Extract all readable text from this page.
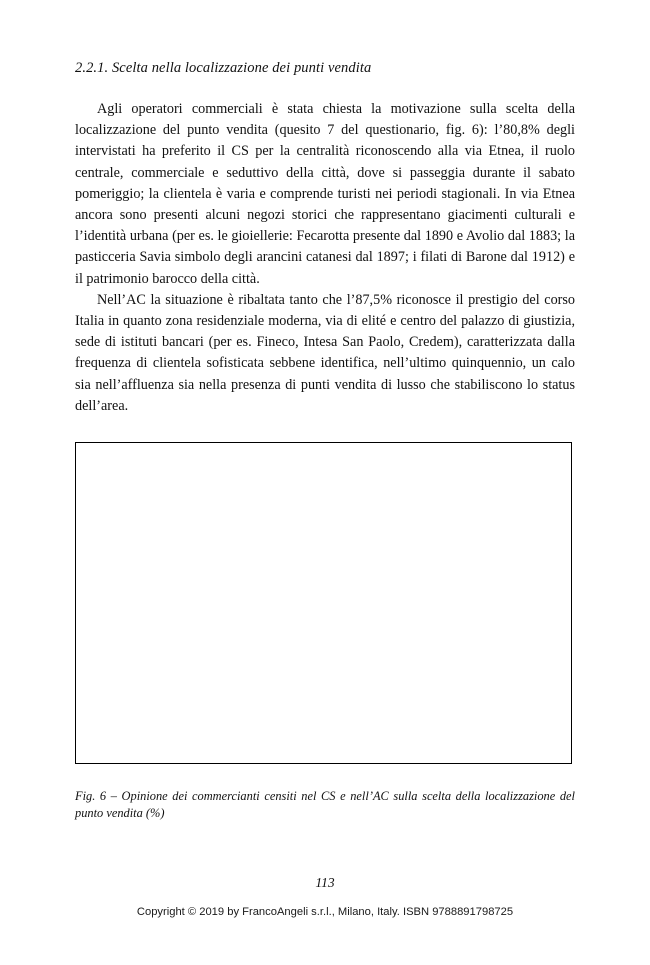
2.2.1. Scelta nella localizzazione dei punti vendita

Agli operatori commerciali è stata chiesta la motivazione sulla scelta della localizzazione del punto vendita (quesito 7 del questionario, fig. 6): l’80,8% degli intervistati ha preferito il CS per la centralità riconoscendo alla via Etnea, il ruolo centrale, commerciale e seduttivo della città, dove si passeggia durante il sabato pomeriggio; la clientela è varia e comprende turisti nei periodi stagionali. In via Etnea ancora sono presenti alcuni negozi storici che rappresentano giacimenti culturali e l’identità urbana (per es. le gioiellerie: Fecarotta presente dal 1890 e Avolio dal 1883; la pasticceria Savia simbolo degli arancini catanesi dal 1897; i filati di Barone dal 1912) e il patrimonio barocco della città.

Nell’AC la situazione è ribaltata tanto che l’87,5% riconosce il prestigio del corso Italia in quanto zona residenziale moderna, via di elité e centro del palazzo di giustizia, sede di istituti bancari (per es. Fineco, Intesa San Paolo, Credem), caratterizzata dalla frequenza di clientela sofisticata sebbene identifica, nell’ultimo quinquennio, un calo sia nell’affluenza sia nella presenza di punti vendita di lusso che stabiliscono lo status dell’area.

Fig. 6 – Opinione dei commercianti censiti nel CS e nell’AC sulla scelta della localizzazione del punto vendita (%)
113
Copyright © 2019 by FrancoAngeli s.r.l., Milano, Italy. ISBN 9788891798725
